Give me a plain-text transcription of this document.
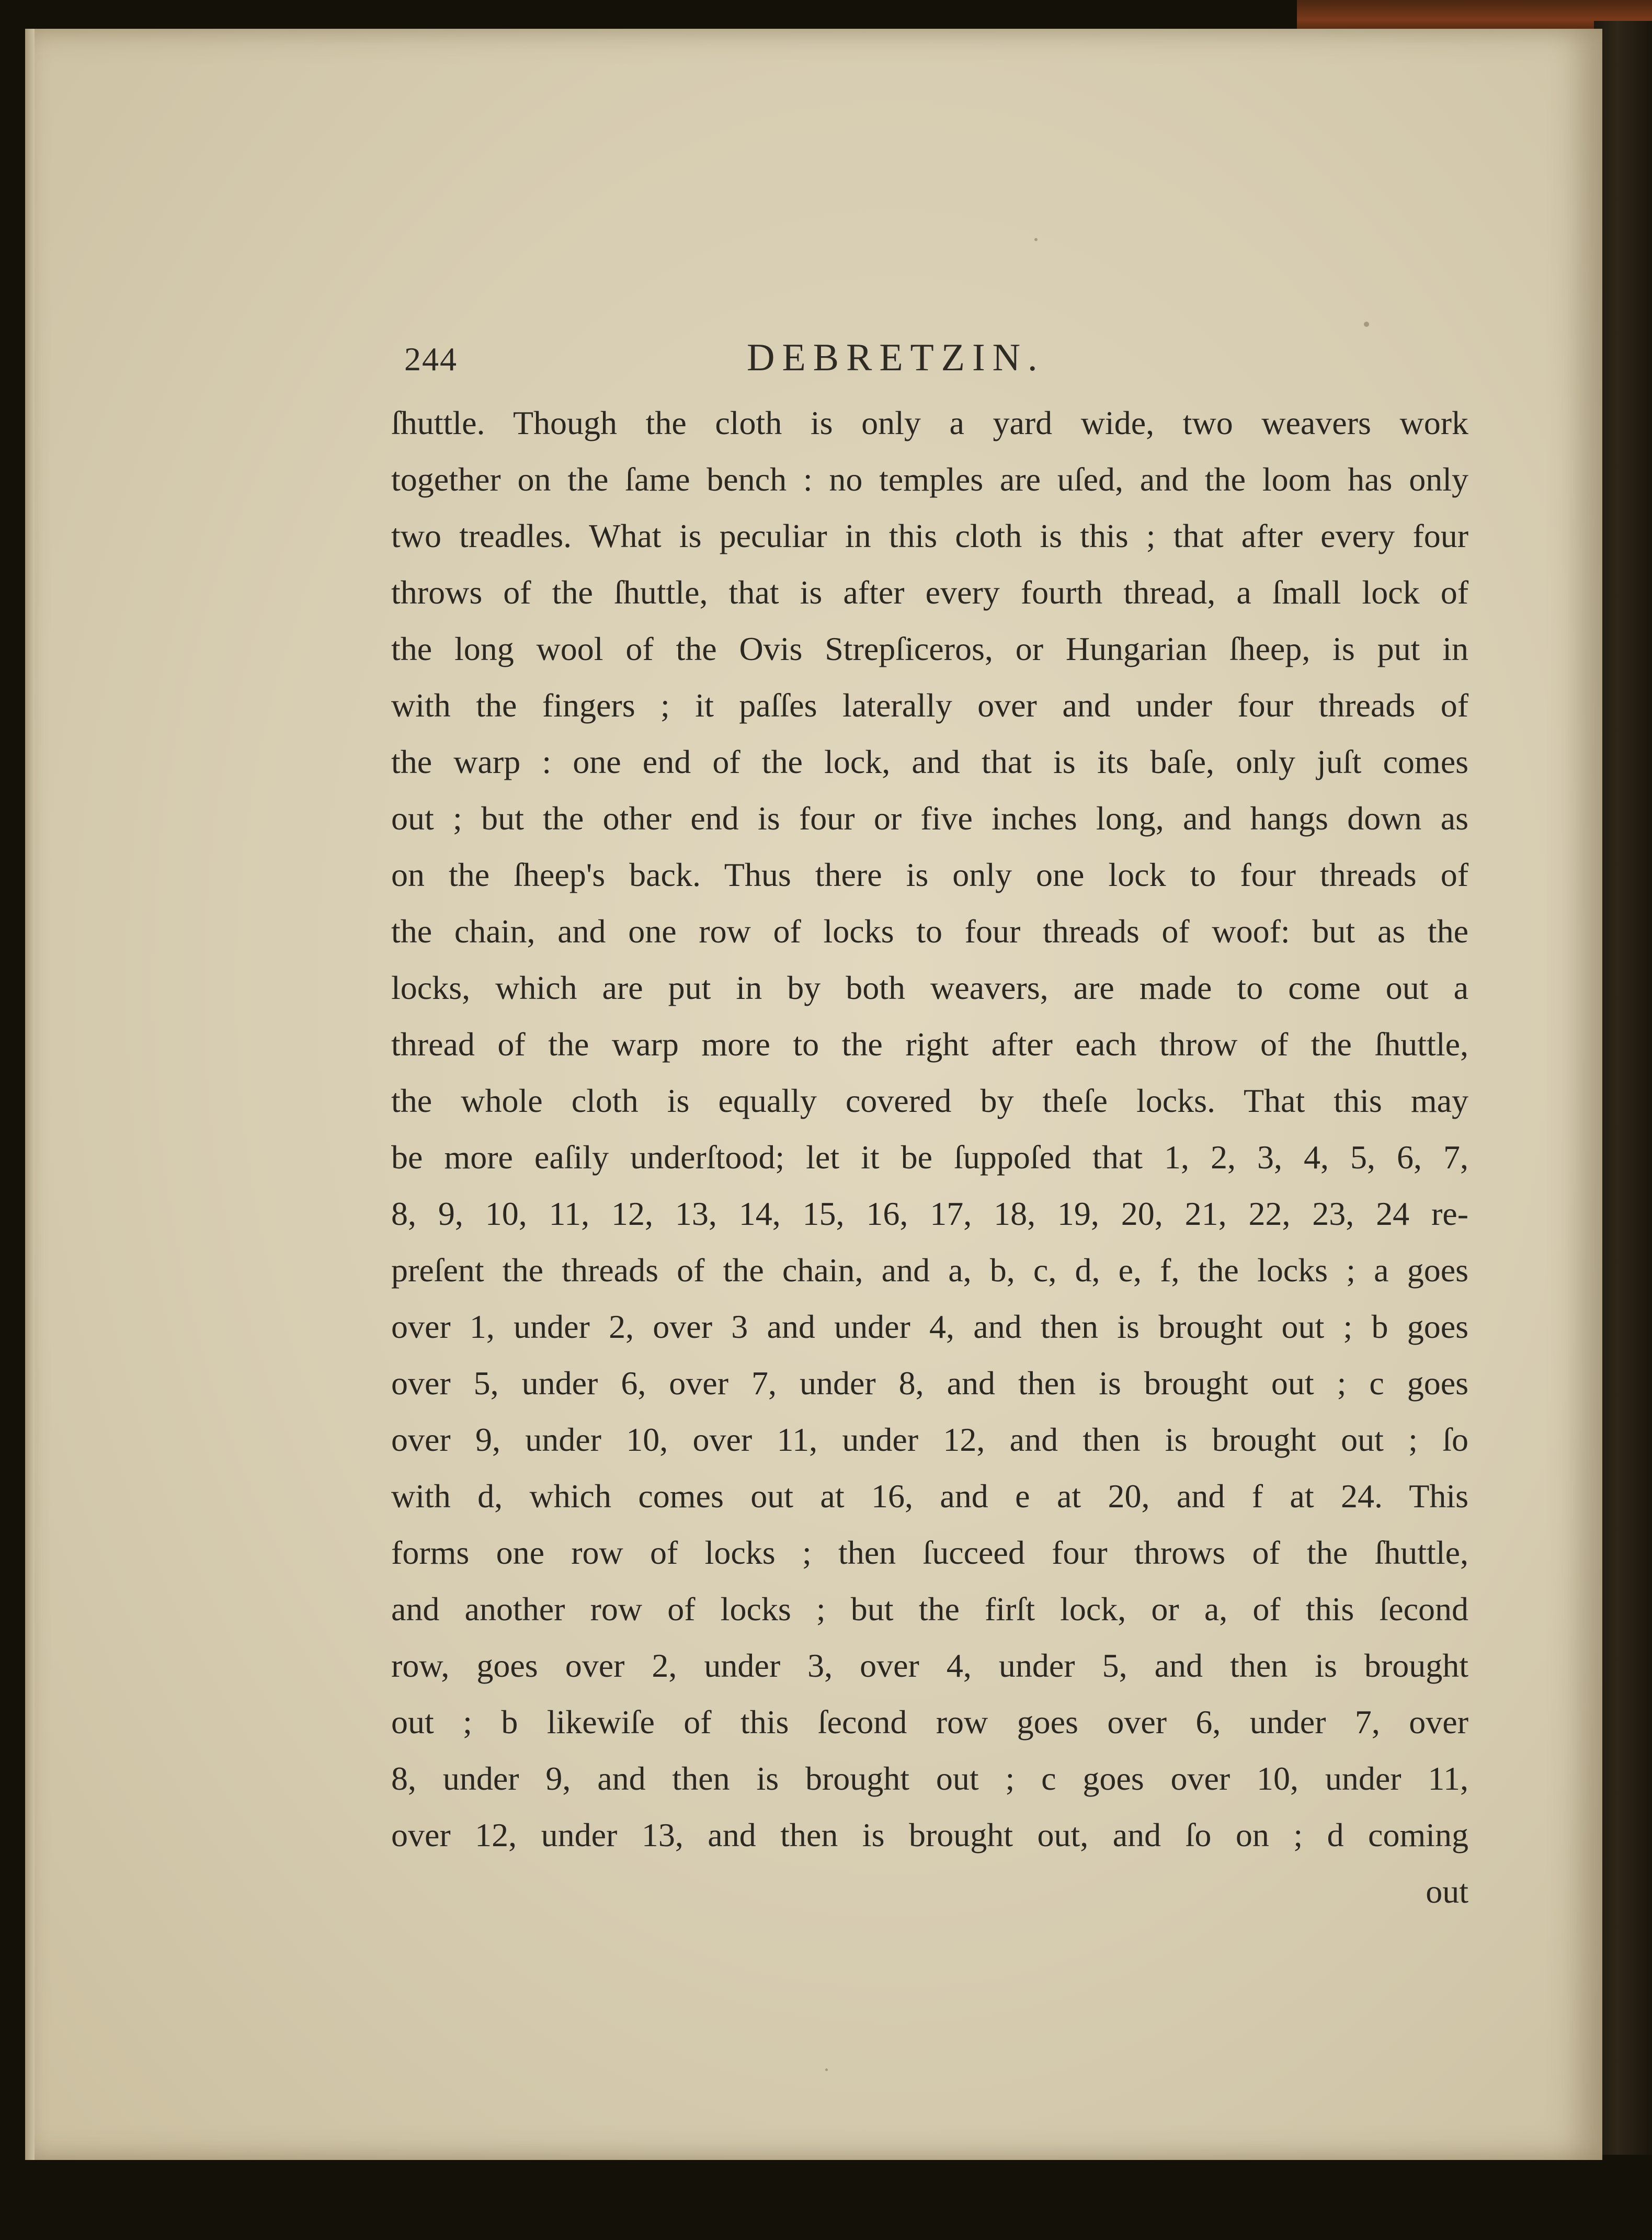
244	DEBRETZIN.
ſhuttle. Though the cloth is only a yard wide, two weavers work
together on the ſame bench : no temples are uſed, and the loom has only
two treadles. What is peculiar in this cloth is this ; that after every four
throws of the ſhuttle, that is after every fourth thread, a ſmall lock of
the long wool of the Ovis Strepſiceros, or Hungarian ſheep, is put in
with the fingers ; it paſſes laterally over and under four threads of
the warp : one end of the lock, and that is its baſe, only juſt comes
out ; but the other end is four or five inches long, and hangs down as
on the ſheep's back. Thus there is only one lock to four threads of
the chain, and one row of locks to four threads of woof: but as the
locks, which are put in by both weavers, are made to come out a
thread of the warp more to the right after each throw of the ſhuttle,
the whole cloth is equally covered by theſe locks. That this may
be more eaſily underſtood; let it be ſuppoſed that 1, 2, 3, 4, 5, 6, 7,
8, 9, 10, 11, 12, 13, 14, 15, 16, 17, 18, 19, 20, 21, 22, 23, 24 re-
preſent the threads of the chain, and a, b, c, d, e, f, the locks ; a goes
over 1, under 2, over 3 and under 4, and then is brought out ; b goes
over 5, under 6, over 7, under 8, and then is brought out ; c goes
over 9, under 10, over 11, under 12, and then is brought out ; ſo
with d, which comes out at 16, and e at 20, and f at 24. This
forms one row of locks ; then ſucceed four throws of the ſhuttle,
and another row of locks ; but the firſt lock, or a, of this ſecond
row, goes over 2, under 3, over 4, under 5, and then is brought
out ; b likewiſe of this ſecond row goes over 6, under 7, over
8, under 9, and then is brought out ; c goes over 10, under 11,
over 12, under 13, and then is brought out, and ſo on ; d coming
out
